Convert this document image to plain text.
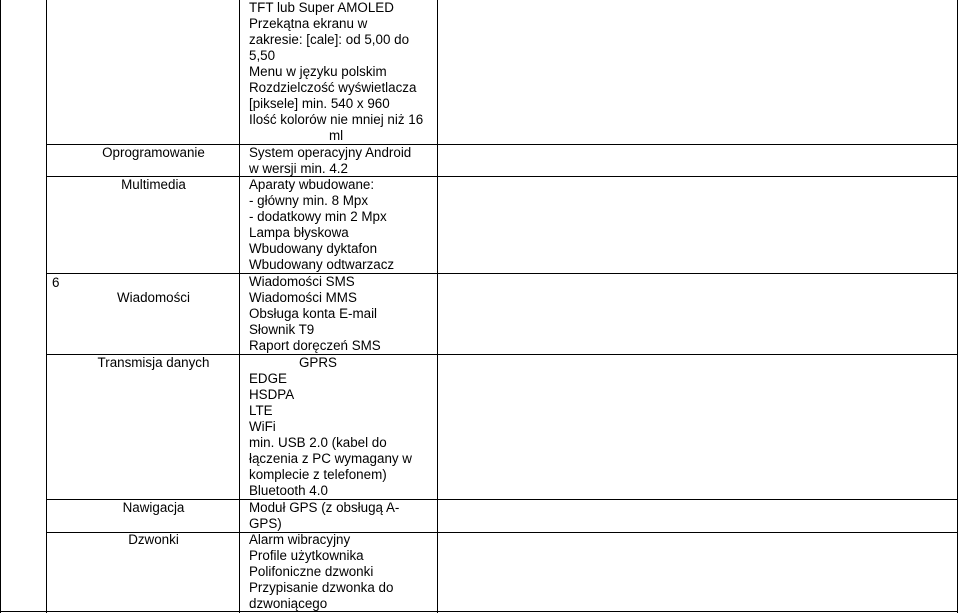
6
Oprogramowanie
Multimedia
Wiadomości
Transmisja danych
Nawigacja
Dzwonki
TFT lub Super AMOLED
Przekątna ekranu w
zakresie: [cale]: od 5,00 do
5,50
Menu w języku polskim
Rozdzielczość wyświetlacza
[piksele] min. 540 x 960
Ilość kolorów nie mniej niż 16
ml
System operacyjny Android
w wersji min. 4.2
Aparaty wbudowane:
- główny min. 8 Mpx
- dodatkowy min 2 Mpx
Lampa błyskowa
Wbudowany dyktafon
Wbudowany odtwarzacz
Wiadomości SMS
Wiadomości MMS
Obsługa konta E-mail
Słownik T9
Raport doręczeń SMS
GPRS
EDGE
HSDPA
LTE
WiFi
min. USB 2.0 (kabel do
łączenia z PC wymagany w
komplecie z telefonem)
Bluetooth 4.0
Moduł GPS (z obsługą A-
GPS)
Alarm wibracyjny
Profile użytkownika
Polifoniczne dzwonki
Przypisanie dzwonka do
dzwoniącego
